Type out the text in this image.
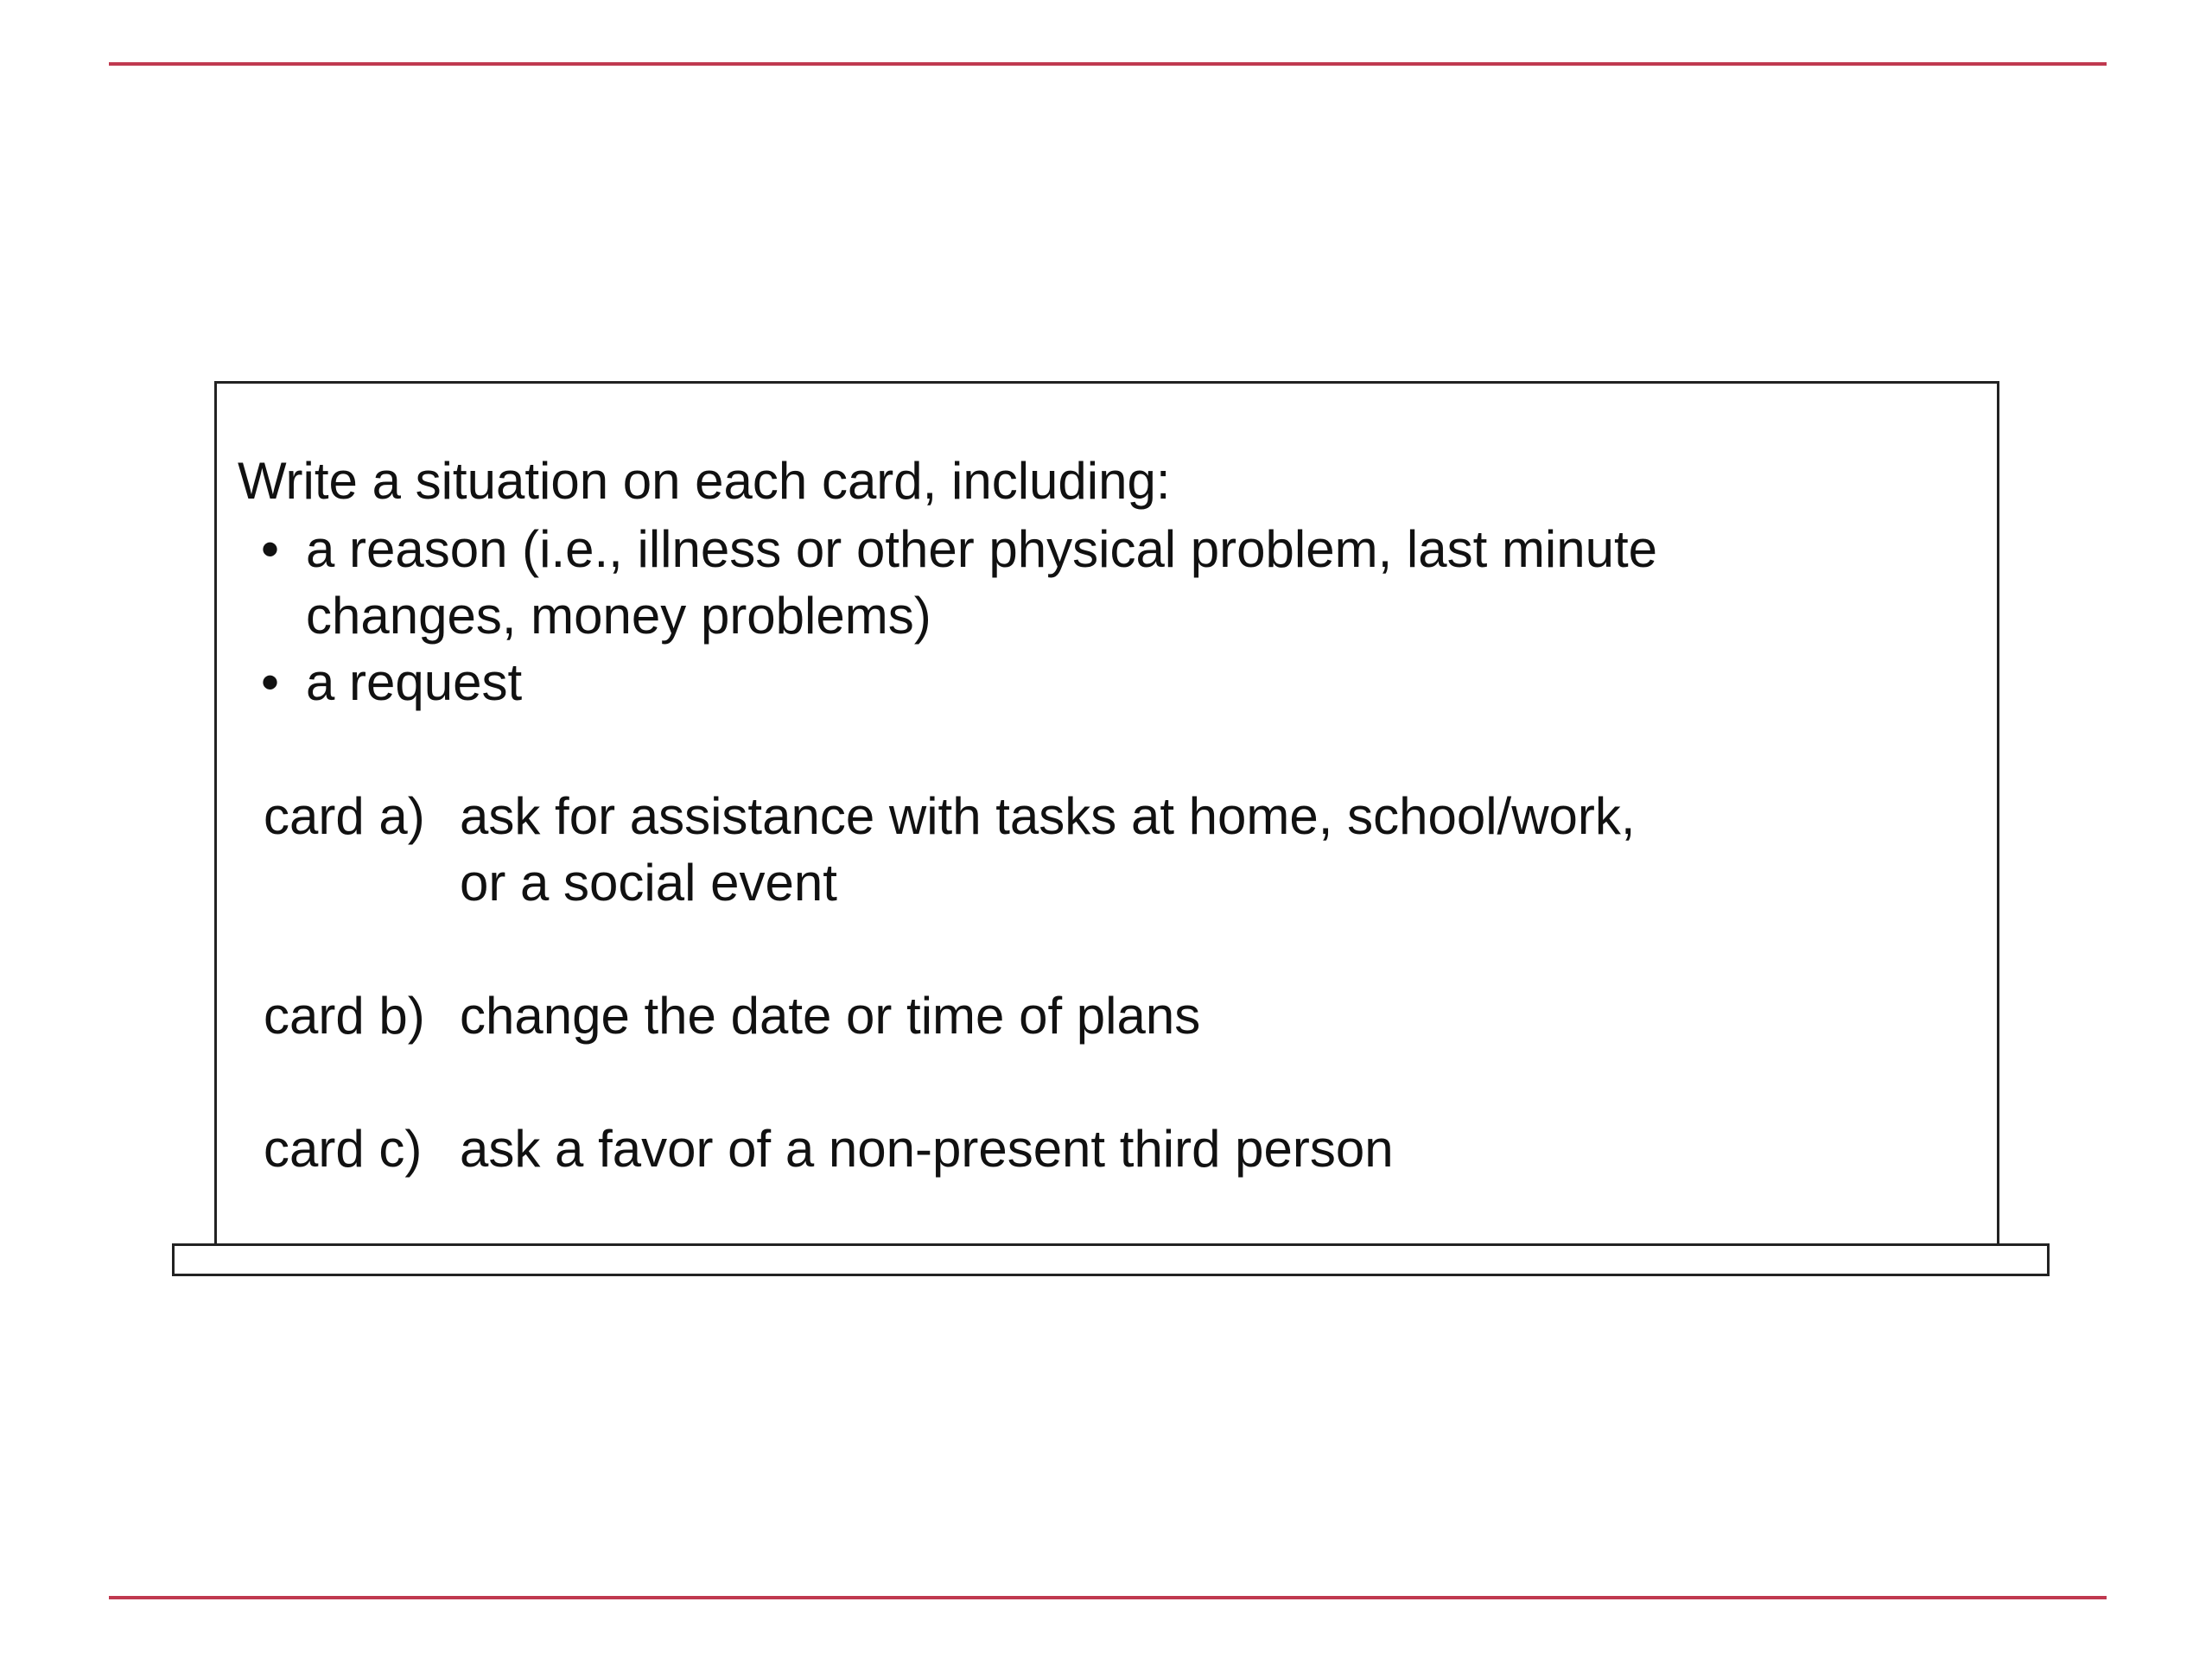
Write a situation on each card, including:
• a reason (i.e., illness or other physical problem, last minute
changes, money problems)
• a request
card a) ask for assistance with tasks at home, school/work,
or a social event
card b) change the date or time of plans
card c) ask a favor of a non-present third person
